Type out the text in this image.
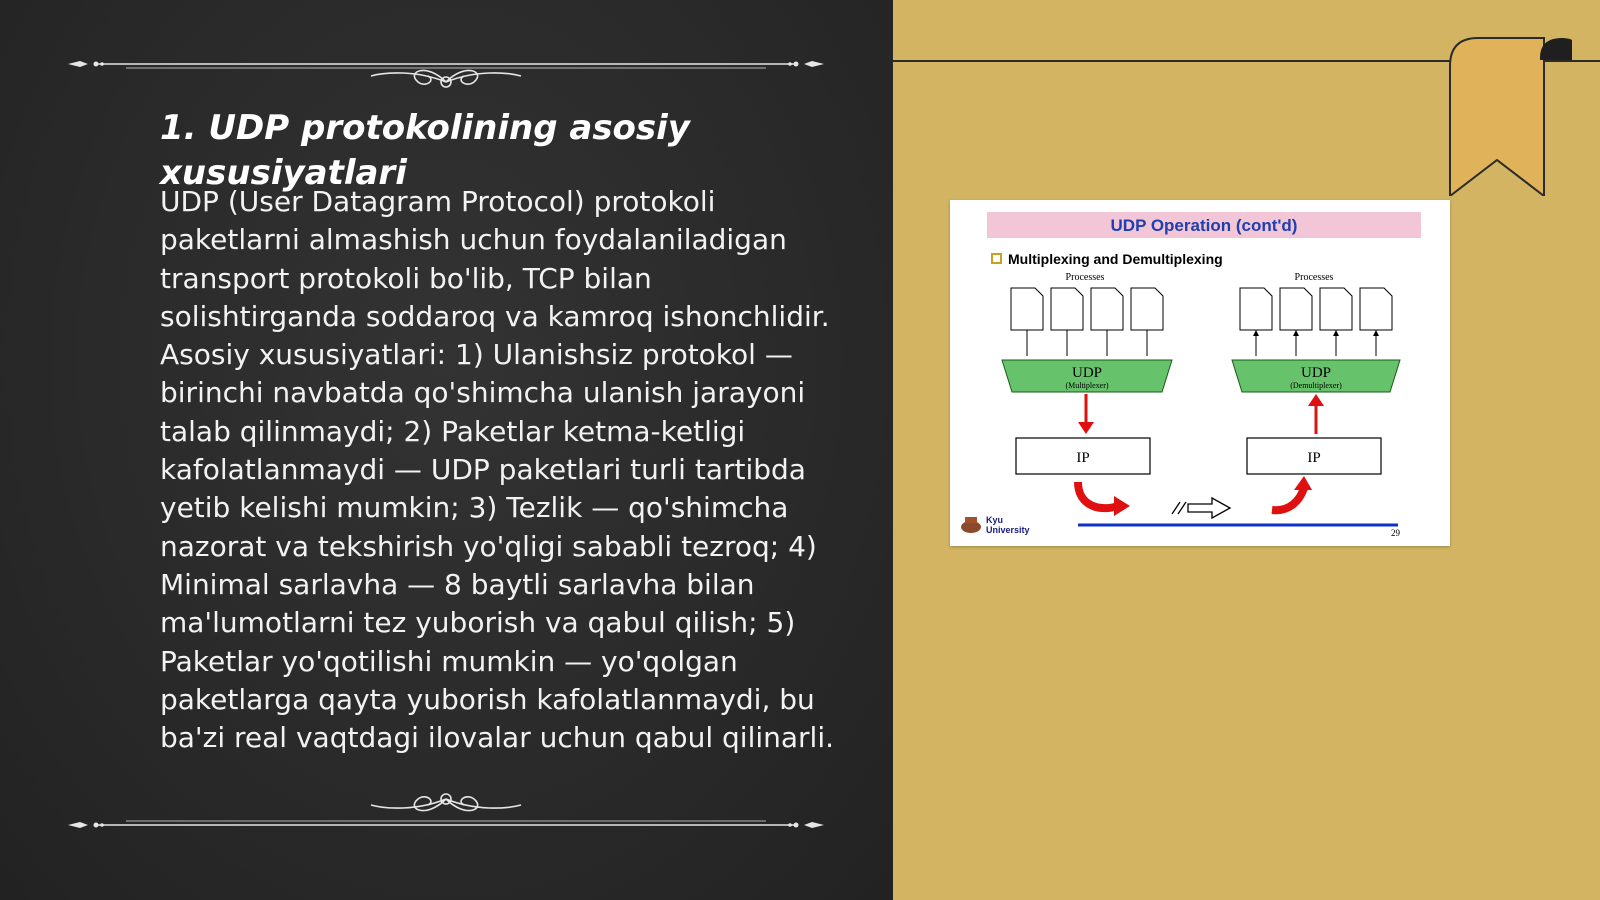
1. UDP protokolining asosiy xususiyatlari

UDP (User Datagram Protocol) protokoli paketlarni almashish uchun foydalaniladigan transport protokoli bo'lib, TCP bilan solishtirganda soddaroq va kamroq ishonchlidir. Asosiy xususiyatlari: 1) Ulanishsiz protokol — birinchi navbatda qo'shimcha ulanish jarayoni talab qilinmaydi; 2) Paketlar ketma-ketligi kafolatlanmaydi — UDP paketlari turli tartibda yetib kelishi mumkin; 3) Tezlik — qo'shimcha nazorat va tekshirish yo'qligi sababli tezroq; 4) Minimal sarlavha — 8 baytli sarlavha bilan ma'lumotlarni tez yuborish va qabul qilish; 5) Paketlar yo'qotilishi mumkin — yo'qolgan paketlarga qayta yuborish kafolatlanmaydi, bu ba'zi real vaqtdagi ilovalar uchun qabul qilinarli.

UDP Operation (cont'd)
Multiplexing and Demultiplexing
Processes
UDP
(Multiplexer)
IP
Processes
UDP
(Demultiplexer)
IP
Kyu
University	29
